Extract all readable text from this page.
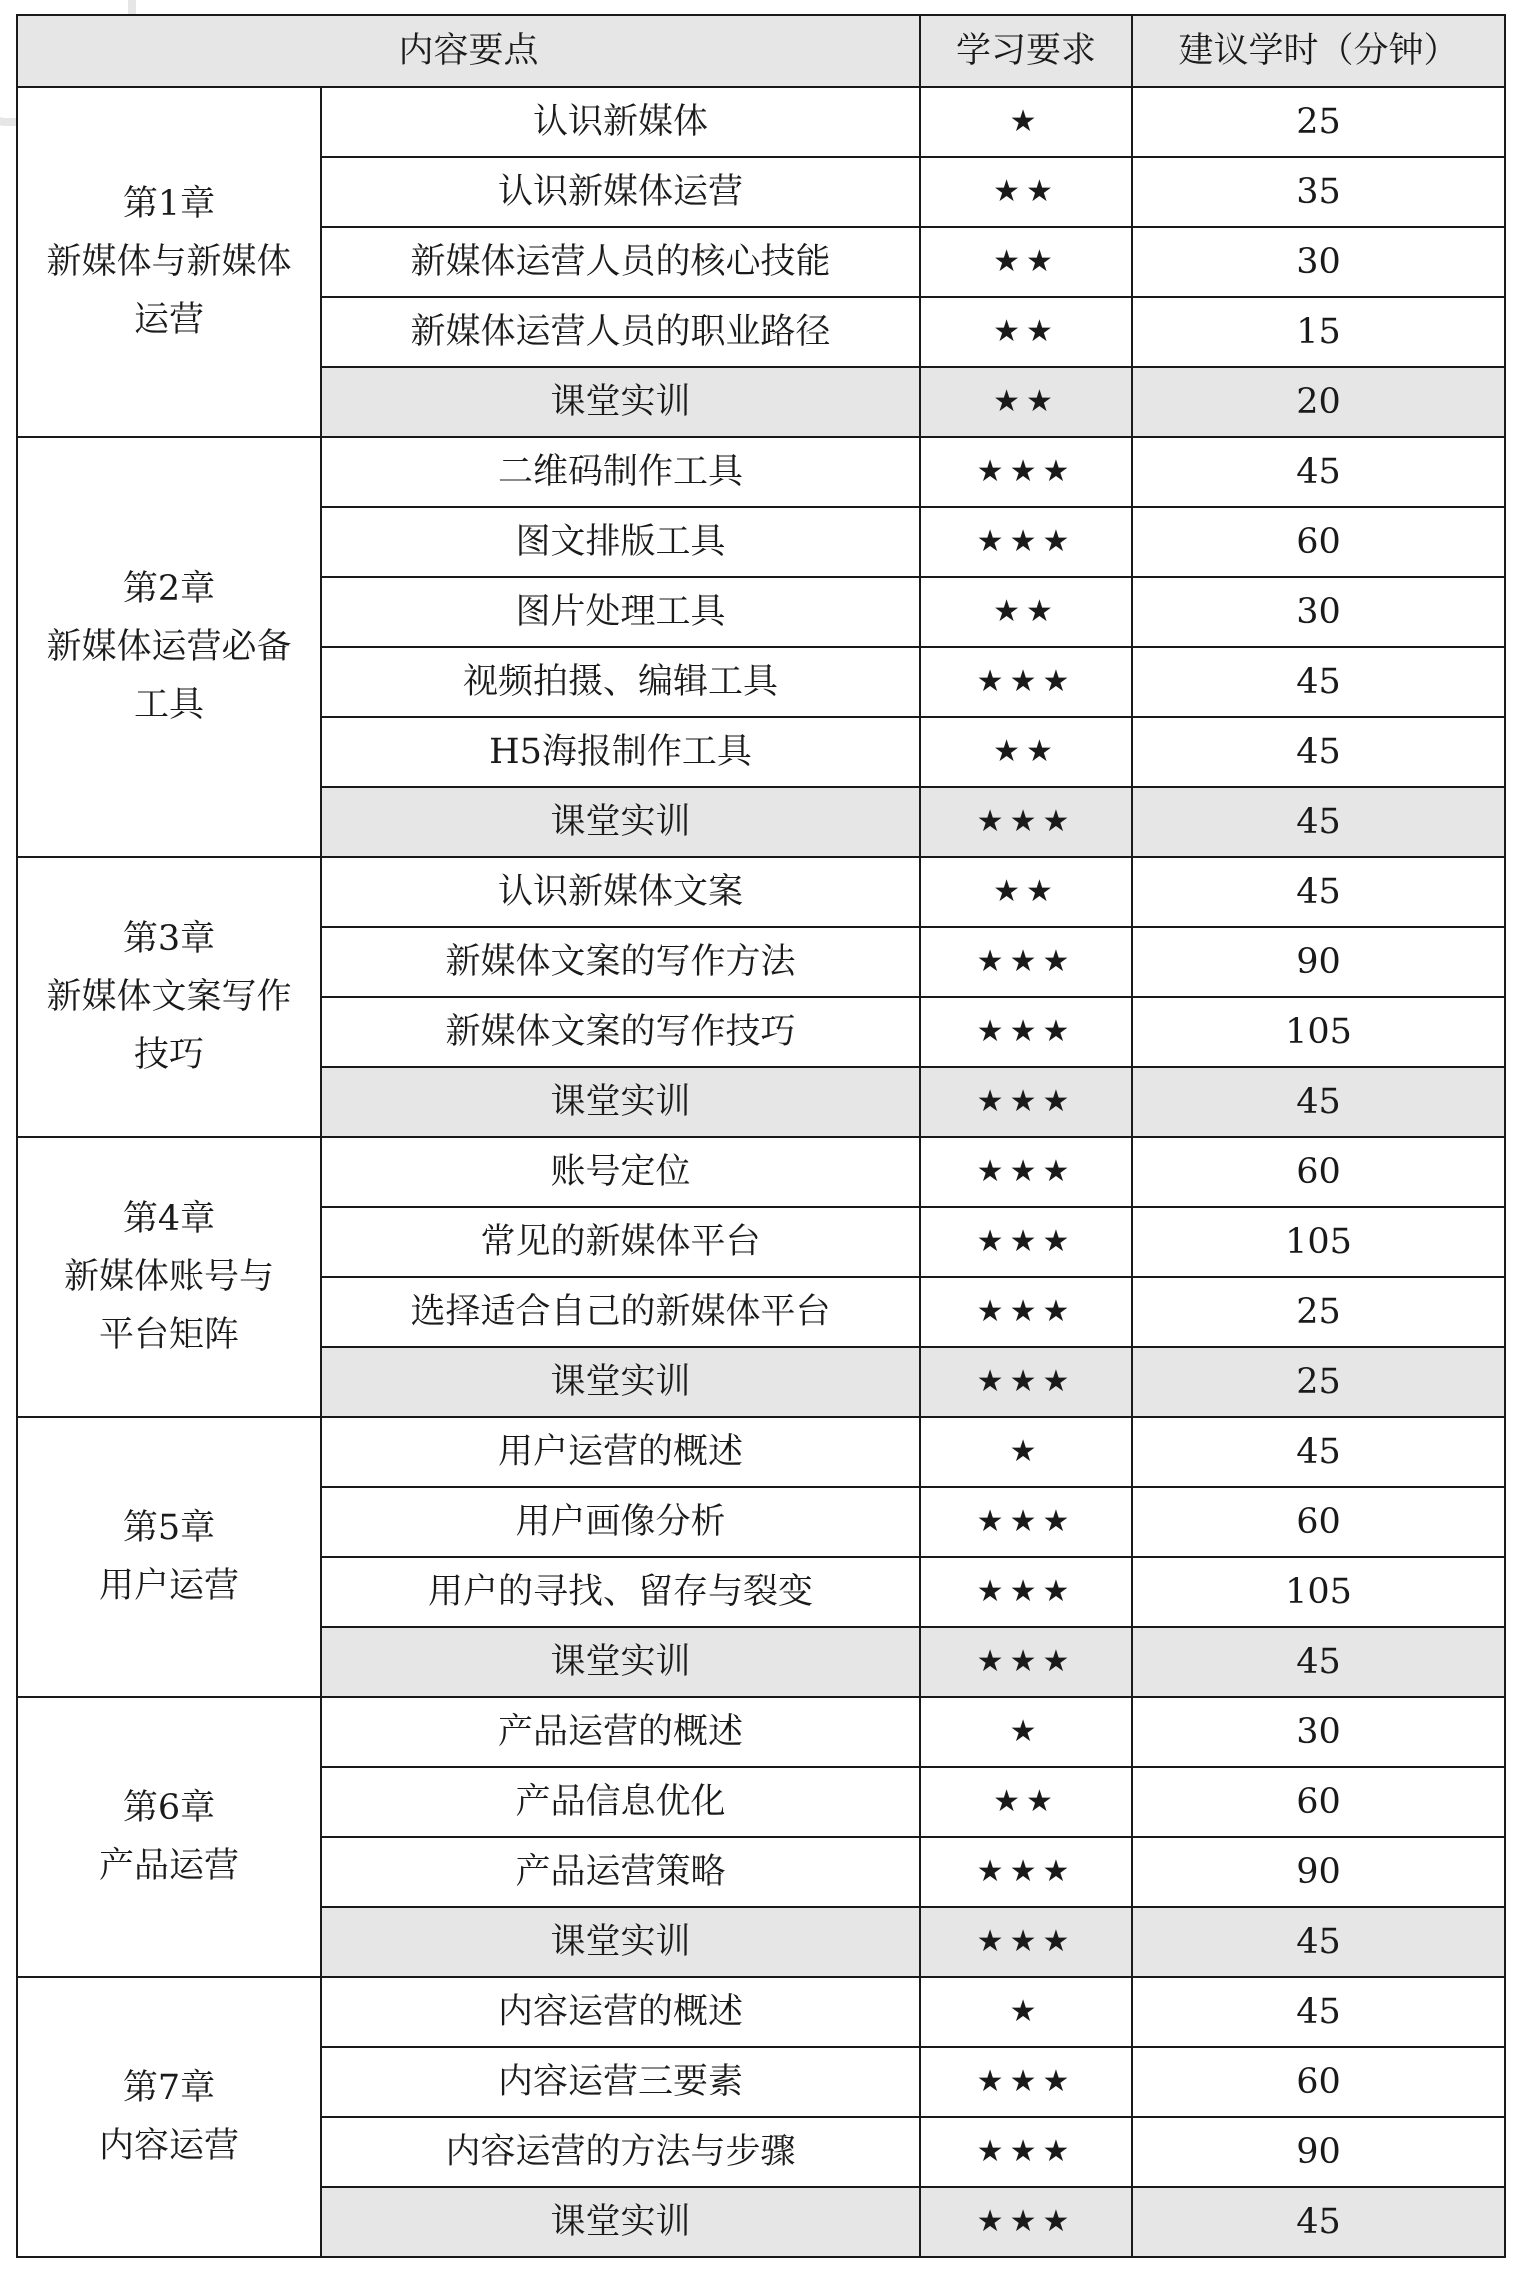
内容要点		学习要求	建议学时（分钟）

第1章
新媒体与新媒体
运营	认识新媒体	★	25
	认识新媒体运营	★★	35
	新媒体运营人员的核心技能	★★	30
	新媒体运营人员的职业路径	★★	15
	课堂实训	★★	20

第2章
新媒体运营必备
工具	二维码制作工具	★★★	45
	图文排版工具	★★★	60
	图片处理工具	★★	30
	视频拍摄、编辑工具	★★★	45
	H5海报制作工具	★★	45
	课堂实训	★★★	45

第3章
新媒体文案写作
技巧	认识新媒体文案	★★	45
	新媒体文案的写作方法	★★★	90
	新媒体文案的写作技巧	★★★	105
	课堂实训	★★★	45

第4章
新媒体账号与
平台矩阵	账号定位	★★★	60
	常见的新媒体平台	★★★	105
	选择适合自己的新媒体平台	★★★	25
	课堂实训	★★★	25

第5章
用户运营	用户运营的概述	★	45
	用户画像分析	★★★	60
	用户的寻找、留存与裂变	★★★	105
	课堂实训	★★★	45

第6章
产品运营	产品运营的概述	★	30
	产品信息优化	★★	60
	产品运营策略	★★★	90
	课堂实训	★★★	45

第7章
内容运营	内容运营的概述	★	45
	内容运营三要素	★★★	60
	内容运营的方法与步骤	★★★	90
	课堂实训	★★★	45
